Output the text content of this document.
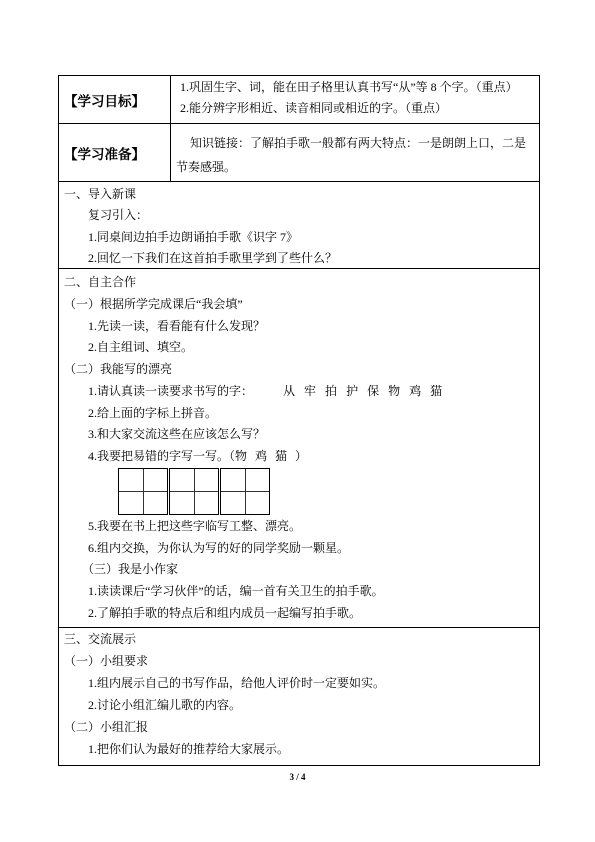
【学习目标】
1.巩固生字、词，能在田子格里认真书写“从”等 8 个字。（重点）
2.能分辨字形相近、读音相同或相近的字。（重点）
【学习准备】
知识链接：了解拍手歌一般都有两大特点：一是朗朗上口，二是
节奏感强。
一、导入新课
复习引入：
1.同桌间边拍手边朗诵拍手歌《识字 7》
2.回忆一下我们在这首拍手歌里学到了些什么？
二、自主合作
（一）根据所学完成课后“我会填”
1.先读一读，看看能有什么发现？
2.自主组词、填空。
（二）我能写的漂亮
1.请认真读一读要求书写的字：	从 牢 拍 护 保 物 鸡 猫
2.给上面的字标上拼音。
3.和大家交流这些在应该怎么写？
4.我要把易错的字写一写。（物 鸡 猫 ）
5.我要在书上把这些字临写工整、漂亮。
6.组内交换，为你认为写的好的同学奖励一颗星。
（三）我是小作家
1.读读课后“学习伙伴”的话，编一首有关卫生的拍手歌。
2.了解拍手歌的特点后和组内成员一起编写拍手歌。
三、交流展示
（一）小组要求
1.组内展示自己的书写作品，给他人评价时一定要如实。
2.讨论小组汇编儿歌的内容。
（二）小组汇报
1.把你们认为最好的推荐给大家展示。
3 / 4
